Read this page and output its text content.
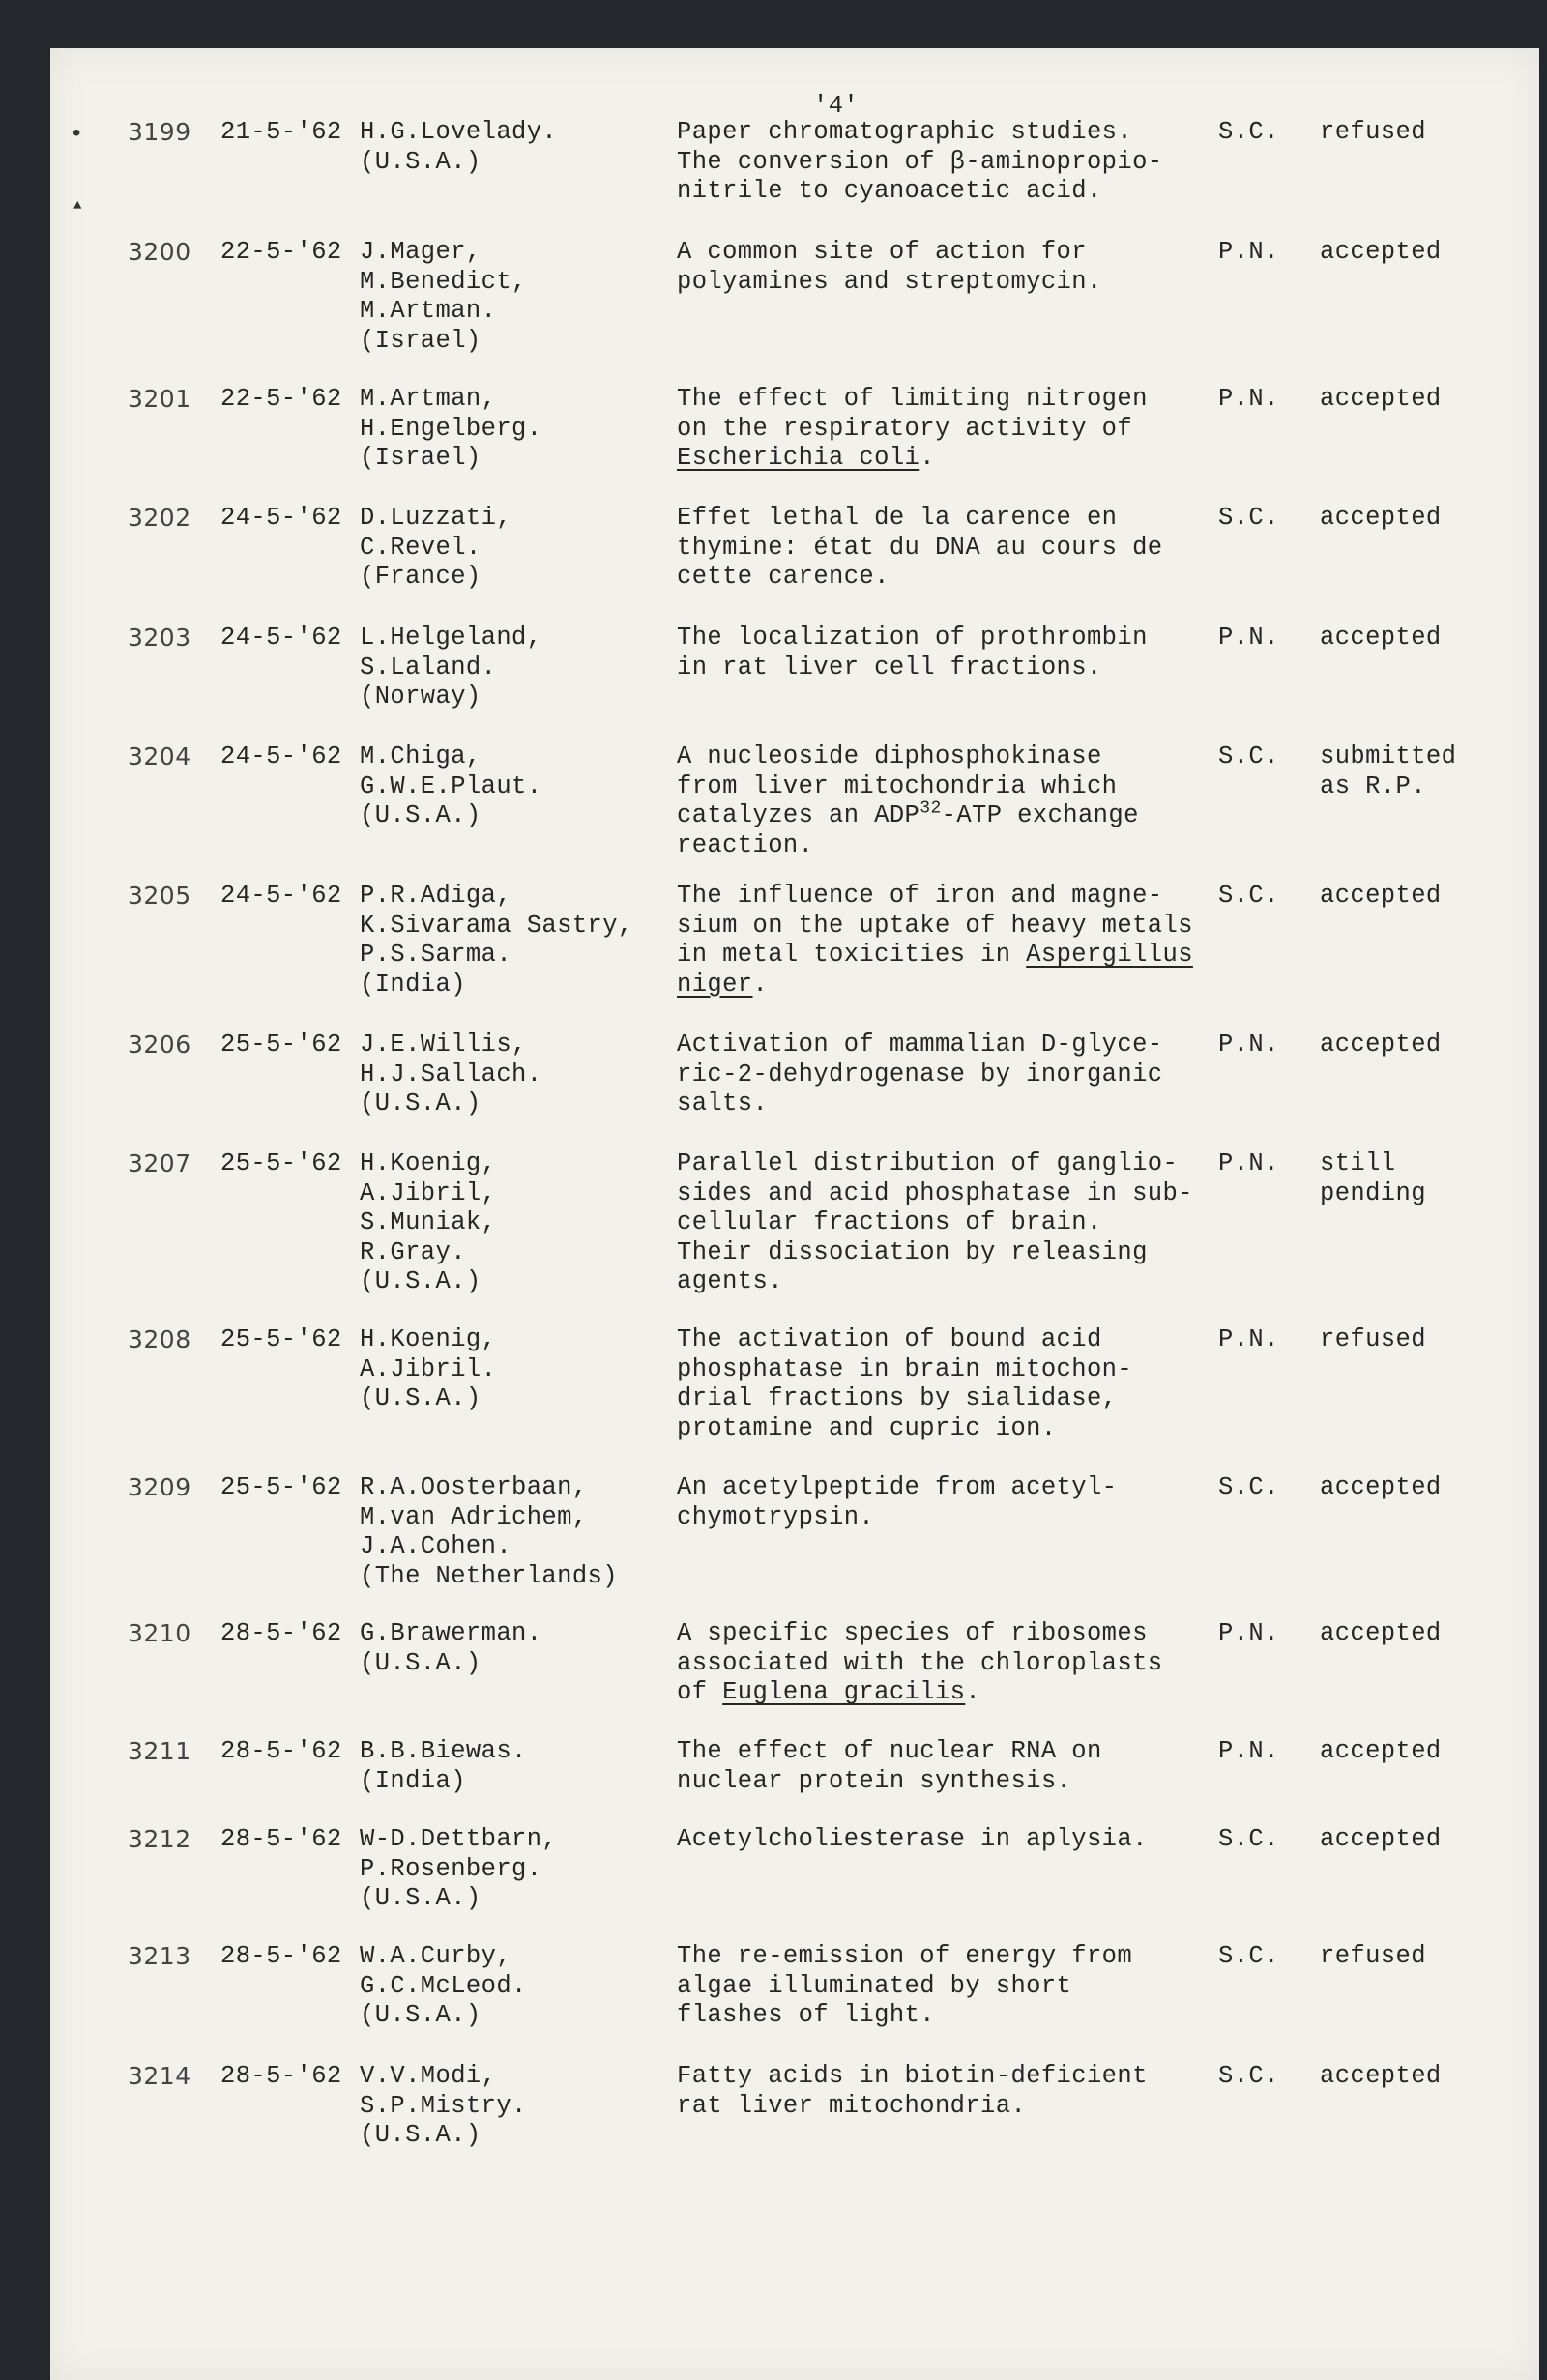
'4'
•
▲
3199 21-5-'62 H.G.Lovelady.
(U.S.A.)
Paper chromatographic studies.
The conversion of β-aminopropio-
nitrile to cyanoacetic acid.
S.C. refused
3200 22-5-'62 J.Mager,
M.Benedict,
M.Artman.
(Israel)
A common site of action for
polyamines and streptomycin.
P.N. accepted
3201 22-5-'62 M.Artman,
H.Engelberg.
(Israel)
The effect of limiting nitrogen
on the respiratory activity of
Escherichia coli.
P.N. accepted
3202 24-5-'62 D.Luzzati,
C.Revel.
(France)
Effet lethal de la carence en
thymine: état du DNA au cours de
cette carence.
S.C. accepted
3203 24-5-'62 L.Helgeland,
S.Laland.
(Norway)
The localization of prothrombin
in rat liver cell fractions.
P.N. accepted
3204 24-5-'62 M.Chiga,
G.W.E.Plaut.
(U.S.A.)
A nucleoside diphosphokinase
from liver mitochondria which
catalyzes an ADP$^{32}$-ATP exchange
reaction.
S.C. submitted
as R.P.
3205 24-5-'62 P.R.Adiga,
K.Sivarama Sastry,
P.S.Sarma.
(India)
The influence of iron and magne-
sium on the uptake of heavy metals
in metal toxicities in Aspergillus
niger.
S.C. accepted
3206 25-5-'62 J.E.Willis,
H.J.Sallach.
(U.S.A.)
Activation of mammalian D-glyce-
ric-2-dehydrogenase by inorganic
salts.
P.N. accepted
3207 25-5-'62 H.Koenig,
A.Jibril,
S.Muniak,
R.Gray.
(U.S.A.)
Parallel distribution of ganglio-
sides and acid phosphatase in sub-
cellular fractions of brain.
Their dissociation by releasing
agents.
P.N. still
pending
3208 25-5-'62 H.Koenig,
A.Jibril.
(U.S.A.)
The activation of bound acid
phosphatase in brain mitochon-
drial fractions by sialidase,
protamine and cupric ion.
P.N. refused
3209 25-5-'62 R.A.Oosterbaan,
M.van Adrichem,
J.A.Cohen.
(The Netherlands)
An acetylpeptide from acetyl-
chymotrypsin.
S.C. accepted
3210 28-5-'62 G.Brawerman.
(U.S.A.)
A specific species of ribosomes
associated with the chloroplasts
of Euglena gracilis.
P.N. accepted
3211 28-5-'62 B.B.Biewas.
(India)
The effect of nuclear RNA on
nuclear protein synthesis.
P.N. accepted
3212 28-5-'62 W-D.Dettbarn,
P.Rosenberg.
(U.S.A.)
Acetylcholiesterase in aplysia.	S.C. accepted
3213 28-5-'62 W.A.Curby,
G.C.McLeod.
(U.S.A.)
The re-emission of energy from
algae illuminated by short
flashes of light.
S.C. refused
3214 28-5-'62 V.V.Modi,
S.P.Mistry.
(U.S.A.)
Fatty acids in biotin-deficient
rat liver mitochondria.
S.C. accepted
